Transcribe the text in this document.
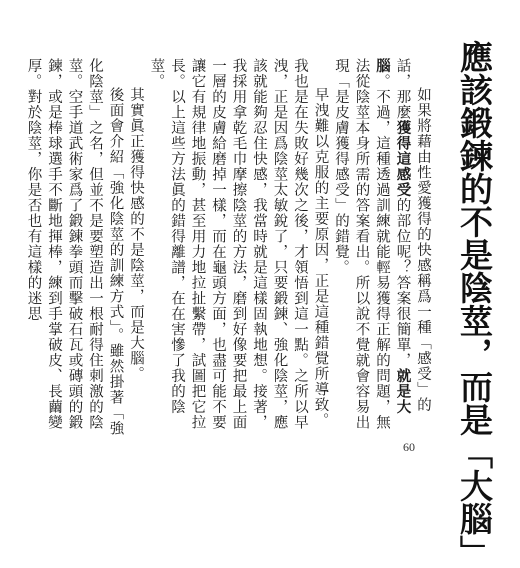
應該鍛鍊的不是陰莖，而是「大腦」

如果將藉由性愛獲得的快感稱爲一種「感受」的話，那麼獲得這感受的部位呢？答案很簡單，就是大腦。不過，這種透過訓練就能輕易獲得正解的問題，無法從陰莖本身所需的答案看出。所以說不覺就會容易出現「是皮膚獲得感受」的錯覺。

早洩難以克服的主要原因，正是這種錯覺所導致。我也是在失敗好幾次之後，才領悟到這一點。之所以早洩，正是因爲陰莖太敏銳了，只要鍛鍊、強化陰莖，應該就能夠忍住快感，我當時就是這樣固執地想。接著，我採用拿乾毛巾摩擦陰莖的方法，磨到好像要把最上面一層的皮膚給磨掉一樣，而在龜頭方面，也盡可能不要讓它有規律地振動，甚至用力地拉扯繫帶，試圖把它拉長。以上這些方法眞的錯得離譜，在在害慘了我的陰莖。

其實眞正獲得快感的不是陰莖，而是大腦。

後面會介紹「強化陰莖的訓練方式」。雖然掛著「強化陰莖」之名，但並不是要塑造出一根耐得住刺激的陰莖。空手道武術家爲了鍛鍊拳頭而擊破石瓦或磚頭的鍛鍊，或是棒球選手不斷地揮棒，練到手掌破皮、長繭變厚。對於陰莖，你是否也有這樣的迷思

60
